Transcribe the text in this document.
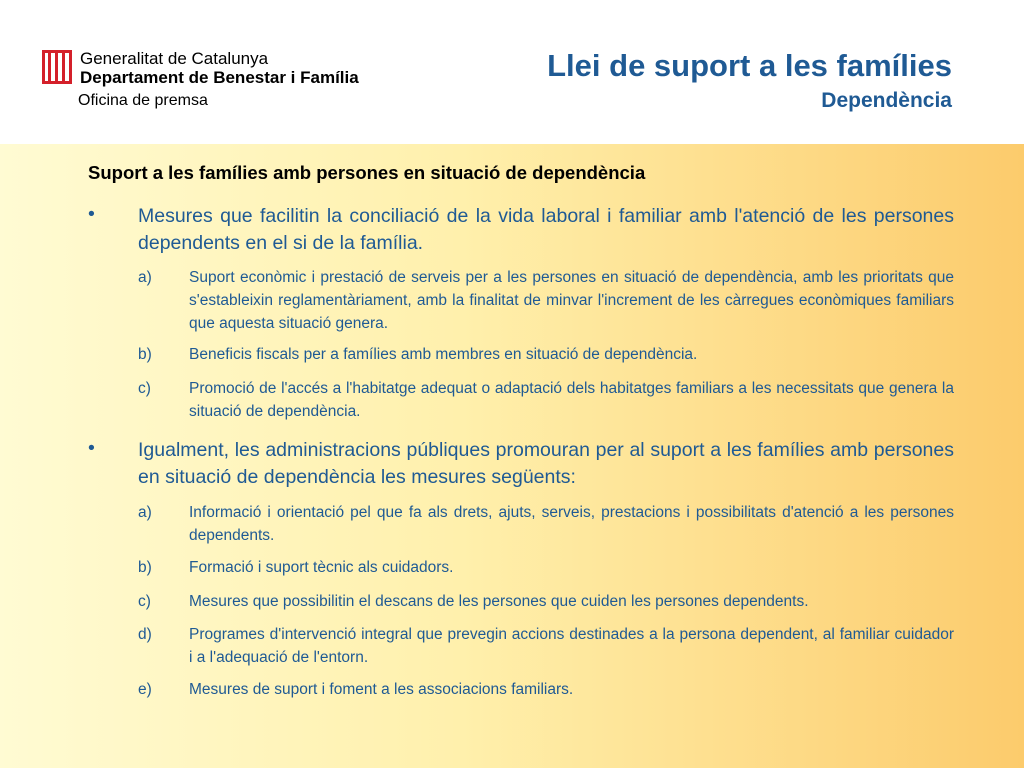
Generalitat de Catalunya
Departament de Benestar i Família
Oficina de premsa
Llei de suport a les famílies
Dependència
Suport a les famílies amb persones en situació de dependència
• Mesures que facilitin la conciliació de la vida laboral i familiar amb l'atenció de les persones dependents en el si de la família.
a) Suport econòmic i prestació de serveis per a les persones en situació de dependència, amb les prioritats que s'estableixin reglamentàriament, amb la finalitat de minvar l'increment de les càrregues econòmiques familiars que aquesta situació genera.
b) Beneficis fiscals per a famílies amb membres en situació de dependència.
c) Promoció de l'accés a l'habitatge adequat o adaptació dels habitatges familiars a les necessitats que genera la situació de dependència.
• Igualment, les administracions públiques promouran per al suport a les famílies amb persones en situació de dependència les mesures següents:
a) Informació i orientació pel que fa als drets, ajuts, serveis, prestacions i possibilitats d'atenció a les persones dependents.
b) Formació i suport tècnic als cuidadors.
c) Mesures que possibilitin el descans de les persones que cuiden les persones dependents.
d) Programes d'intervenció integral que prevegin accions destinades a la persona dependent, al familiar cuidador i a l'adequació de l'entorn.
e) Mesures de suport i foment a les associacions familiars.
